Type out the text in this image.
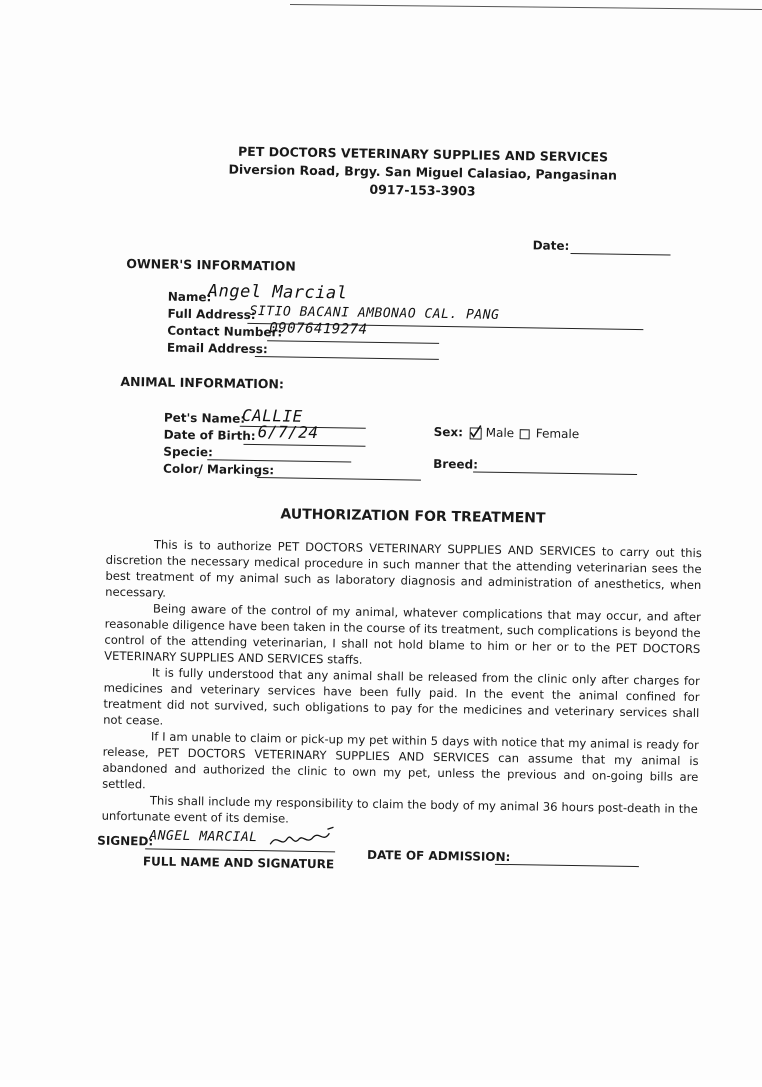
PET DOCTORS VETERINARY SUPPLIES AND SERVICES
Diversion Road, Brgy. San Miguel Calasiao, Pangasinan
0917-153-3903
Date:
OWNER'S INFORMATION
Name:
Angel Marcial
Full Address:
SITIO BACANI AMBONAO CAL. PANG
Contact Number:
09076419274
Email Address:
ANIMAL INFORMATION:
Pet's Name:
CALLIE
Date of Birth: 6/7/24
Specie:
Color/ Markings:
Sex: Male Female
Breed:
AUTHORIZATION FOR TREATMENT

This is to authorize PET DOCTORS VETERINARY SUPPLIES AND SERVICES to carry out this discretion the necessary medical procedure in such manner that the attending veterinarian sees the best treatment of my animal such as laboratory diagnosis and administration of anesthetics, when necessary.

Being aware of the control of my animal, whatever complications that may occur, and after reasonable diligence have been taken in the course of its treatment, such complications is beyond the control of the attending veterinarian, I shall not hold blame to him or her or to the PET DOCTORS VETERINARY SUPPLIES AND SERVICES staffs.

It is fully understood that any animal shall be released from the clinic only after charges for medicines and veterinary services have been fully paid. In the event the animal confined for treatment did not survived, such obligations to pay for the medicines and veterinary services shall not cease.

If I am unable to claim or pick-up my pet within 5 days with notice that my animal is ready for release, PET DOCTORS VETERINARY SUPPLIES AND SERVICES can assume that my animal is abandoned and authorized the clinic to own my pet, unless the previous and on-going bills are settled.

This shall include my responsibility to claim the body of my animal 36 hours post-death in the unfortunate event of its demise.

SIGNED:
ANGEL MARCIAL
FULL NAME AND SIGNATURE	DATE OF ADMISSION:
